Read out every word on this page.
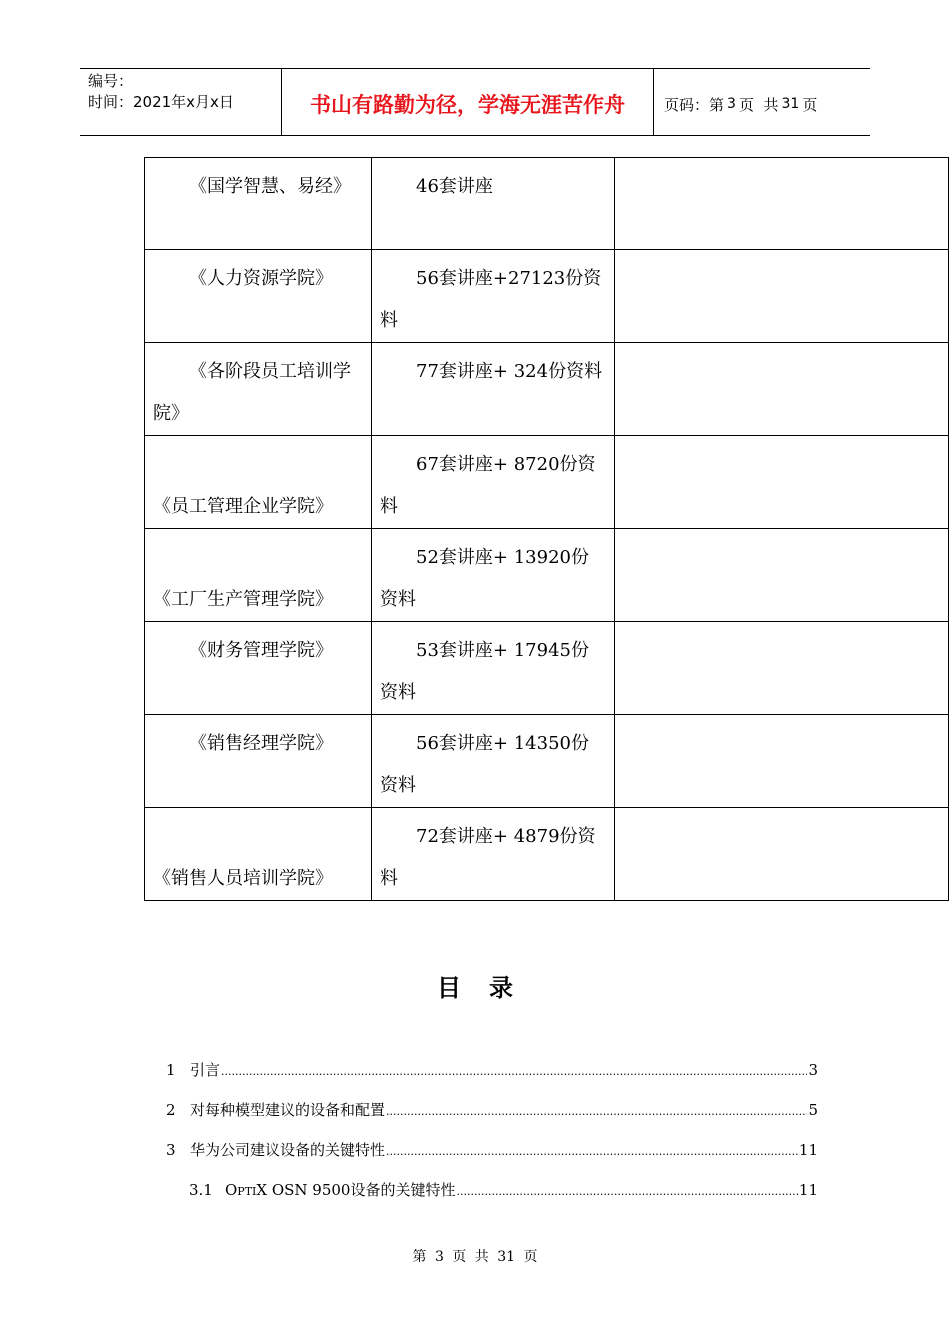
编号：
时间：2021年x月x日	书山有路勤为径，学海无涯苦作舟	页码：第 3 页  共 31 页
《国学智慧、易经》	46套讲座	
《人力资源学院》	56套讲座+27123份资料	
《各阶段员工培训学院》	77套讲座+ 324份资料	
《员工管理企业学院》	67套讲座+ 8720份资料	
《工厂生产管理学院》	52套讲座+ 13920份资料	
《财务管理学院》	53套讲座+ 17945份资料	
《销售经理学院》	56套讲座+ 14350份资料	
《销售人员培训学院》	72套讲座+ 4879份资料	
目录
1 引言 .....	3
2 对每种模型建议的设备和配置 .....	5
3 华为公司建议设备的关键特性 .....	11
3.1 OptiX OSN 9500设备的关键特性 .....	11
第 3 页 共 31 页
